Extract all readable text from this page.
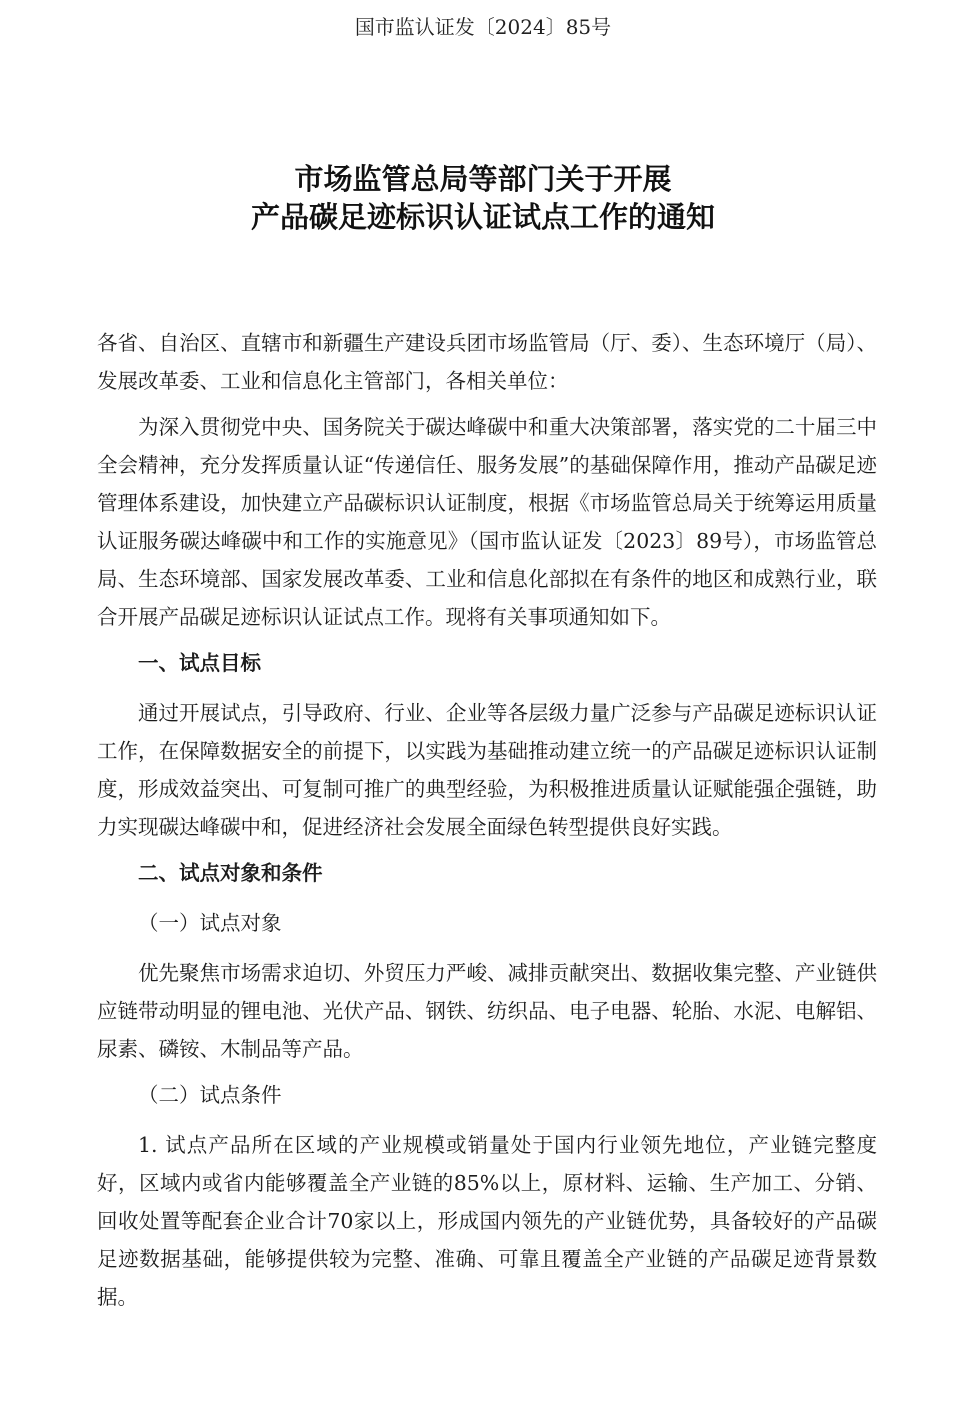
国市监认证发〔2024〕85号
市场监管总局等部门关于开展
产品碳足迹标识认证试点工作的通知

各省、自治区、直辖市和新疆生产建设兵团市场监管局（厅、委）、生态环境厅（局）、发展改革委、工业和信息化主管部门，各相关单位：

为深入贯彻党中央、国务院关于碳达峰碳中和重大决策部署，落实党的二十届三中全会精神，充分发挥质量认证“传递信任、服务发展”的基础保障作用，推动产品碳足迹管理体系建设，加快建立产品碳标识认证制度，根据《市场监管总局关于统筹运用质量认证服务碳达峰碳中和工作的实施意见》（国市监认证发〔2023〕89号），市场监管总局、生态环境部、国家发展改革委、工业和信息化部拟在有条件的地区和成熟行业，联合开展产品碳足迹标识认证试点工作。现将有关事项通知如下。

一、试点目标

通过开展试点，引导政府、行业、企业等各层级力量广泛参与产品碳足迹标识认证工作，在保障数据安全的前提下，以实践为基础推动建立统一的产品碳足迹标识认证制度，形成效益突出、可复制可推广的典型经验，为积极推进质量认证赋能强企强链，助力实现碳达峰碳中和，促进经济社会发展全面绿色转型提供良好实践。

二、试点对象和条件

（一）试点对象

优先聚焦市场需求迫切、外贸压力严峻、减排贡献突出、数据收集完整、产业链供应链带动明显的锂电池、光伏产品、钢铁、纺织品、电子电器、轮胎、水泥、电解铝、尿素、磷铵、木制品等产品。

（二）试点条件

1. 试点产品所在区域的产业规模或销量处于国内行业领先地位，产业链完整度好，区域内或省内能够覆盖全产业链的85%以上，原材料、运输、生产加工、分销、回收处置等配套企业合计70家以上，形成国内领先的产业链优势，具备较好的产品碳足迹数据基础，能够提供较为完整、准确、可靠且覆盖全产业链的产品碳足迹背景数据。
